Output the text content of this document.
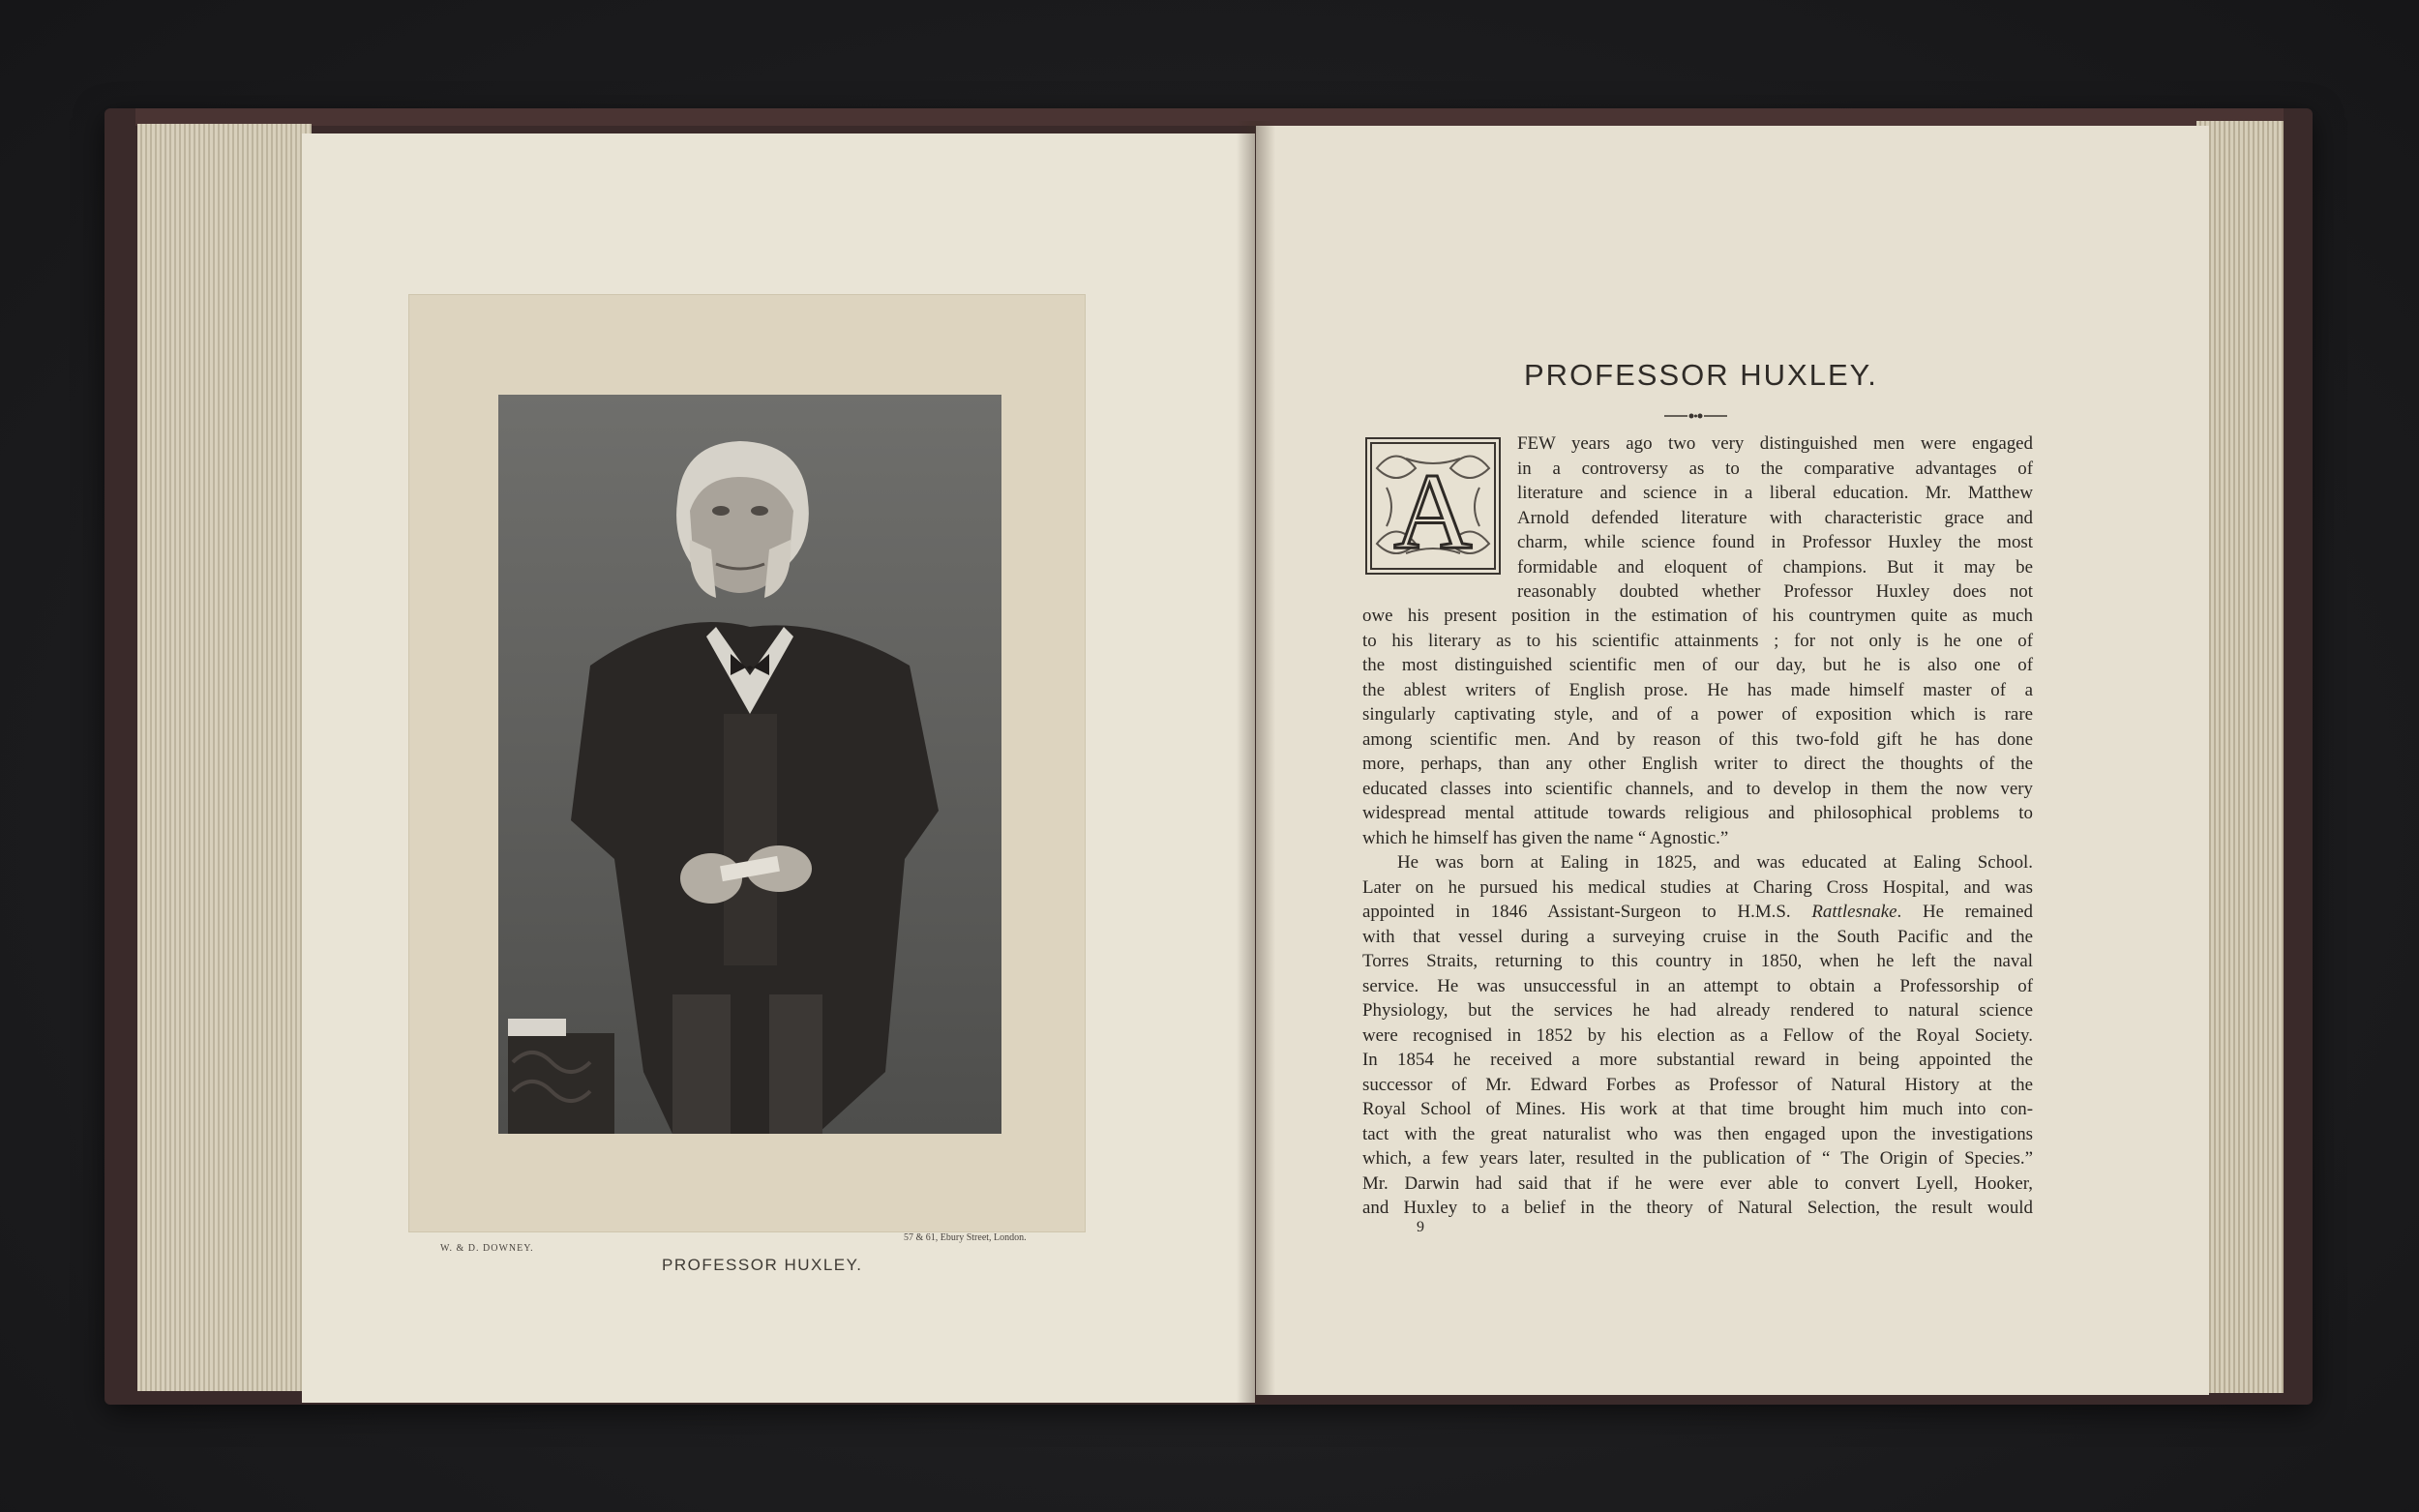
W. & D. DOWNEY.
57 & 61, Ebury Street, London.
PROFESSOR HUXLEY.
PROFESSOR HUXLEY.
A
FEW years ago two very distinguished men were engaged
in a controversy as to the comparative advantages of
literature and science in a liberal education. Mr. Matthew
Arnold defended literature with characteristic grace and
charm, while science found in Professor Huxley the most
formidable and eloquent of champions. But it may be
reasonably doubted whether Professor Huxley does not
owe his present position in the estimation of his countrymen quite as much
to his literary as to his scientific attainments ; for not only is he one of
the most distinguished scientific men of our day, but he is also one of
the ablest writers of English prose. He has made himself master of a
singularly captivating style, and of a power of exposition which is rare
among scientific men. And by reason of this two-fold gift he has done
more, perhaps, than any other English writer to direct the thoughts of the
educated classes into scientific channels, and to develop in them the now very
widespread mental attitude towards religious and philosophical problems to
which he himself has given the name “ Agnostic.”
He was born at Ealing in 1825, and was educated at Ealing School.
Later on he pursued his medical studies at Charing Cross Hospital, and was
appointed in 1846 Assistant-Surgeon to H.M.S. Rattlesnake. He remained
with that vessel during a surveying cruise in the South Pacific and the
Torres Straits, returning to this country in 1850, when he left the naval
service. He was unsuccessful in an attempt to obtain a Professorship of
Physiology, but the services he had already rendered to natural science
were recognised in 1852 by his election as a Fellow of the Royal Society.
In 1854 he received a more substantial reward in being appointed the
successor of Mr. Edward Forbes as Professor of Natural History at the
Royal School of Mines. His work at that time brought him much into con-
tact with the great naturalist who was then engaged upon the investigations
which, a few years later, resulted in the publication of “ The Origin of Species.”
Mr. Darwin had said that if he were ever able to convert Lyell, Hooker,
and Huxley to a belief in the theory of Natural Selection, the result would
9
